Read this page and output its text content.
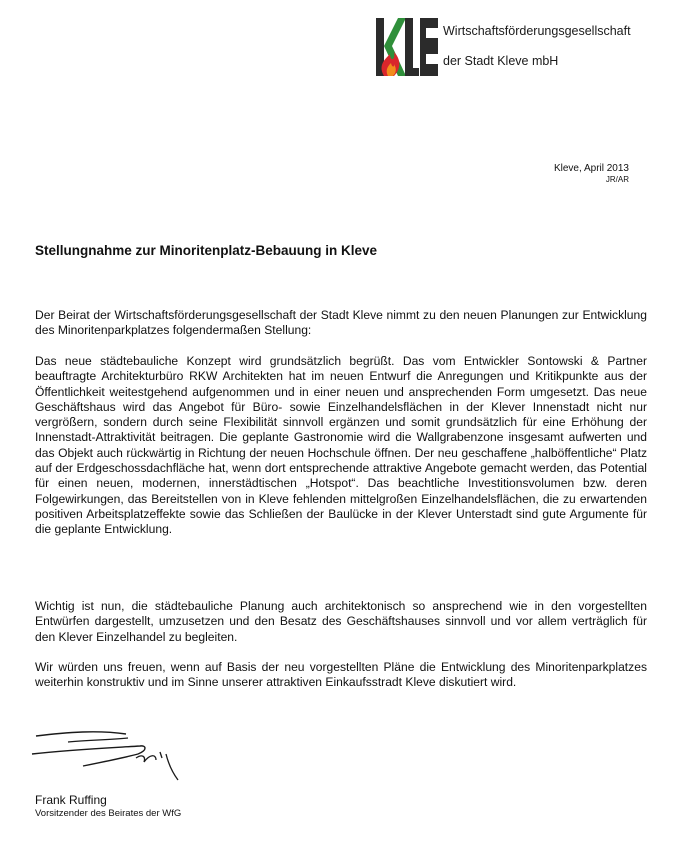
Wirtschaftsförderungsgesellschaft
der Stadt Kleve mbH
Kleve, April 2013
JR/AR
Stellungnahme zur Minoritenplatz-Bebauung in Kleve
Der Beirat der Wirtschaftsförderungsgesellschaft der Stadt Kleve nimmt zu den neuen Planungen zur Entwicklung des Minoritenparkplatzes folgendermaßen Stellung:
Das neue städtebauliche Konzept wird grundsätzlich begrüßt. Das vom Entwickler Sontowski & Partner beauftragte Architekturbüro RKW Architekten hat im neuen Entwurf die Anregungen und Kritikpunkte aus der Öffentlichkeit weitestgehend aufgenommen und in einer neuen und ansprechenden Form umgesetzt. Das neue Geschäftshaus wird das Angebot für Büro- sowie Einzelhandelsflächen in der Klever Innenstadt nicht nur vergrößern, sondern durch seine Flexibilität sinnvoll ergänzen und somit grundsätzlich für eine Erhöhung der Innenstadt-Attraktivität beitragen. Die geplante Gastronomie wird die Wallgrabenzone insgesamt aufwerten und das Objekt auch rückwärtig in Richtung der neuen Hochschule öffnen. Der neu geschaffene „halböffentliche“ Platz auf der Erdgeschossdachfläche hat, wenn dort entsprechende attraktive Angebote gemacht werden, das Potential für einen neuen, modernen, innerstädtischen „Hotspot“. Das beachtliche Investitionsvolumen bzw. deren Folgewirkungen, das Bereitstellen von in Kleve fehlenden mittelgroßen Einzelhandelsflächen, die zu erwartenden positiven Arbeitsplatzeffekte sowie das Schließen der Baulücke in der Klever Unterstadt sind gute Argumente für die geplante Entwicklung.
Wichtig ist nun, die städtebauliche Planung auch architektonisch so ansprechend wie in den vorgestellten Entwürfen dargestellt, umzusetzen und den Besatz des Geschäftshauses sinnvoll und vor allem verträglich für den Klever Einzelhandel zu begleiten.
Wir würden uns freuen, wenn auf Basis der neu vorgestellten Pläne die Entwicklung des Minoritenparkplatzes weiterhin konstruktiv und im Sinne unserer attraktiven Einkaufsstradt Kleve diskutiert wird.
Frank Ruffing
Vorsitzender des Beirates der WfG
